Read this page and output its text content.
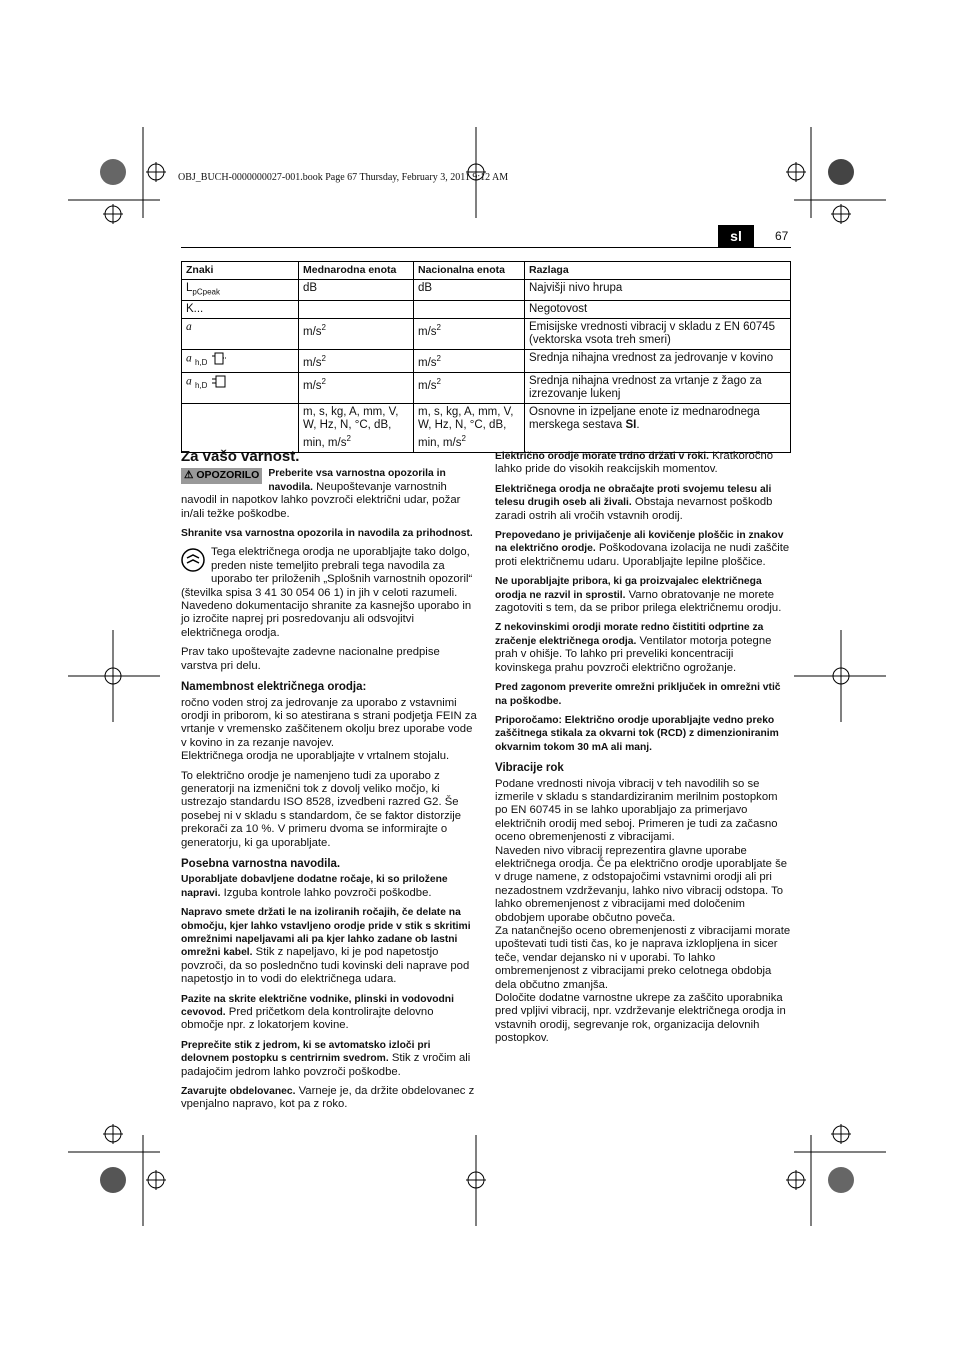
OBJ_BUCH-0000000027-001.book Page 67 Thursday, February 3, 2011 9:12 AM
sl	67
Znaki	Mednarodna enota	Nacionalna enota	Razlaga
$L_{pCpeak}$	dB	dB	Najvišji nivo hrupa
K...			Negotovost
a	$m/s^2$	$m/s^2$	Emisijske vrednosti vibracij v skladu z EN 60745 (vektorska vsota treh smeri)
a $_{h,D}$	$m/s^2$	$m/s^2$	Srednja nihajna vrednost za jedrovanje v kovino
a $_{h,D}$	$m/s^2$	$m/s^2$	Srednja nihajna vrednost za vrtanje z žago za izrezovanje lukenj
	m, s, kg, A, mm, V, W, Hz, N, °C, dB, min, $m/s^2$	m, s, kg, A, mm, V, W, Hz, N, °C, dB, min, $m/s^2$	Osnovne in izpeljane enote iz mednarodnega merskega sestava SI.
Za vašo varnost.

⚠ OPOZORILO Preberite vsa varnostna opozorila in navodila. Neupoštevanje varnostnih navodil in napotkov lahko povzroči električni udar, požar in/ali težke poškodbe.

Shranite vsa varnostna opozorila in navodila za prihodnost.

Tega električnega orodja ne uporabljajte tako dolgo, preden niste temeljito prebrali tega navodila za uporabo ter priloženih „Splošnih varnostnih opozoril“ (številka spisa 3 41 30 054 06 1) in jih v celoti razumeli. Navedeno dokumentacijo shranite za kasnejšo uporabo in jo izročite naprej pri posredovanju ali odsvojitvi električnega orodja.

Prav tako upoštevajte zadevne nacionalne predpise varstva pri delu.

Namembnost električnega orodja:

ročno voden stroj za jedrovanje za uporabo z vstavnimi orodji in priborom, ki so atestirana s strani podjetja FEIN za vrtanje v vremensko zaščitenem okolju brez uporabe vode v kovino in za rezanje navojev.

Električnega orodja ne uporabljajte v vrtalnem stojalu.

To električno orodje je namenjeno tudi za uporabo z generatorji na izmenični tok z dovolj veliko močjo, ki ustrezajo standardu ISO 8528, izvedbeni razred G2. Še posebej ni v skladu s standardom, če se faktor distorzije prekorači za 10 %. V primeru dvoma se informirajte o generatorju, ki ga uporabljate.

Posebna varnostna navodila.

Uporabljate dobavljene dodatne ročaje, ki so priložene napravi. Izguba kontrole lahko povzroči poškodbe.

Napravo smete držati le na izoliranih ročajih, če delate na območju, kjer lahko vstavljeno orodje pride v stik s skritimi omrežnimi napeljavami ali pa kjer lahko zadane ob lastni omrežni kabel. Stik z napeljavo, ki je pod napetostjo povzroči, da so poslednčno tudi kovinski deli naprave pod napetostjo in to vodi do električnega udara.

Pazite na skrite električne vodnike, plinski in vodovodni cevovod. Pred pričetkom dela kontrolirajte delovno območje npr. z lokatorjem kovine.

Preprečite stik z jedrom, ki se avtomatsko izloči pri delovnem postopku s centrirnim svedrom. Stik z vročim ali padajočim jedrom lahko povzroči poškodbe.

Zavarujte obdelovanec. Varneje je, da držite obdelovanec z vpenjalno napravo, kot pa z roko.

Električno orodje morate trdno držati v roki. Kratkoročno lahko pride do visokih reakcijskih momentov.

Električnega orodja ne obračajte proti svojemu telesu ali telesu drugih oseb ali živali. Obstaja nevarnost poškodb zaradi ostrih ali vročih vstavnih orodij.

Prepovedano je privijačenje ali kovičenje ploščic in znakov na električno orodje. Poškodovana izolacija ne nudi zaščite proti električnemu udaru. Uporabljajte lepilne ploščice.

Ne uporabljajte pribora, ki ga proizvajalec električnega orodja ne razvil in sprostil. Varno obratovanje ne morete zagotoviti s tem, da se pribor prilega električnemu orodju.

Z nekovinskimi orodji morate redno čistititi odprtine za zračenje električnega orodja. Ventilator motorja potegne prah v ohišje. To lahko pri preveliki koncentraciji kovinskega prahu povzroči električno ogrožanje.

Pred zagonom preverite omrežni priključek in omrežni vtič na poškodbe.

Priporočamo: Električno orodje uporabljajte vedno preko zaščitnega stikala za okvarni tok (RCD) z dimenzioniranim okvarnim tokom 30 mA ali manj.

Vibracije rok

Podane vrednosti nivoja vibracij v teh navodilih so se izmerile v skladu s standardiziranim merilnim postopkom po EN 60745 in se lahko uporabljajo za primerjavo električnih orodij med seboj. Primeren je tudi za začasno oceno obremenjenosti z vibracijami.

Naveden nivo vibracij reprezentira glavne uporabe električnega orodja. Če pa električno orodje uporabljate še v druge namene, z odstopajočimi vstavnimi orodji ali pri nezadostnem vzdrževanju, lahko nivo vibracij odstopa. To lahko obremenjenost z vibracijami med določenim obdobjem uporabe občutno poveča.

Za natančnejšo oceno obremenjenosti z vibracijami morate upoštevati tudi tisti čas, ko je naprava izklopljena in sicer teče, vendar dejansko ni v uporabi. To lahko ombremenjenost z vibracijami preko celotnega obdobja dela občutno zmanjša.

Določite dodatne varnostne ukrepe za zaščito uporabnika pred vpljivi vibracij, npr. vzdrževanje električnega orodja in vstavnih orodij, segrevanje rok, organizacija delovnih postopkov.
